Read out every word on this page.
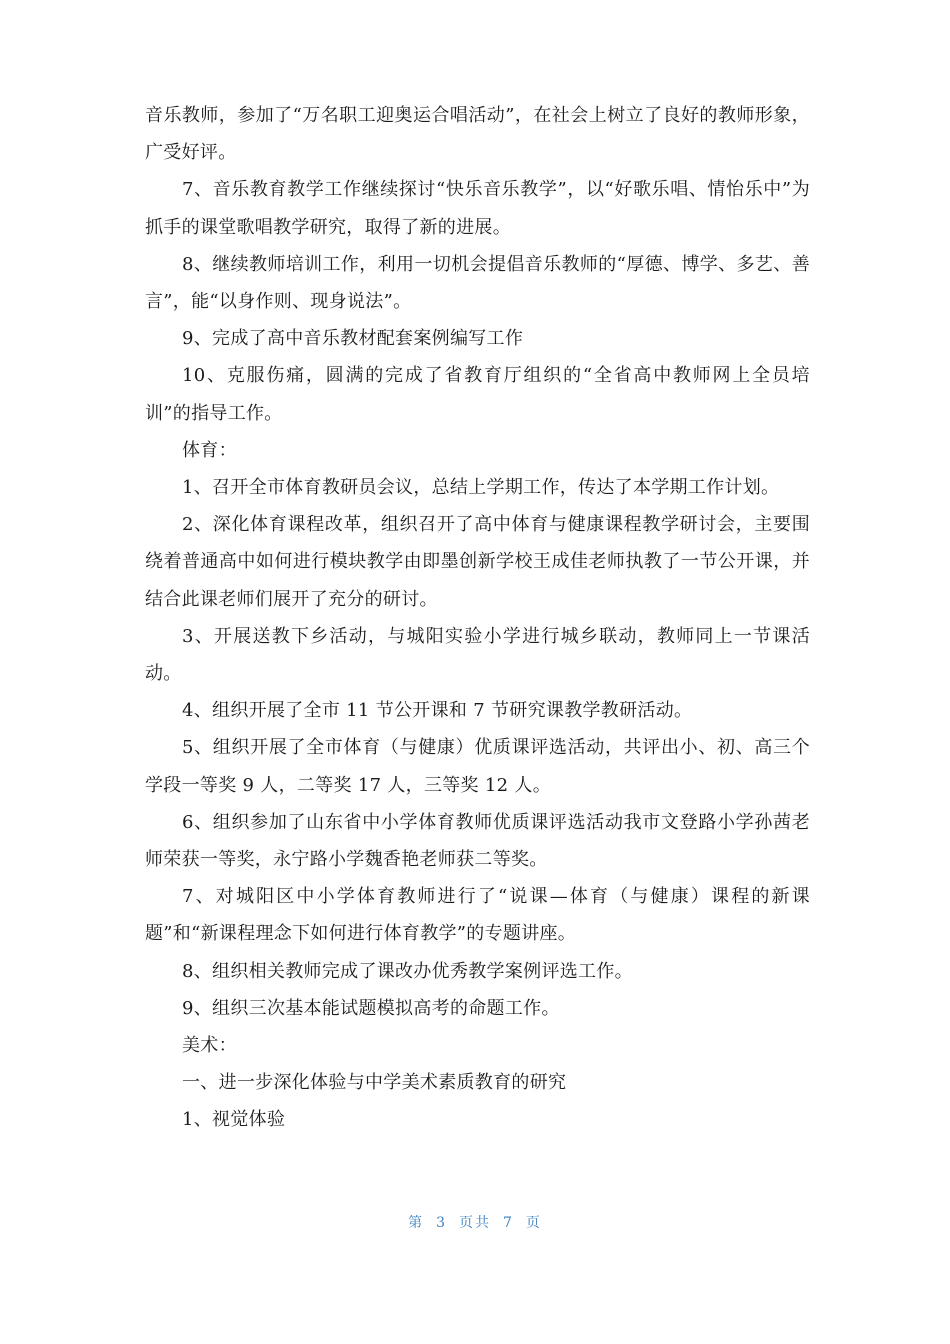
音乐教师，参加了“万名职工迎奥运合唱活动”，在社会上树立了良好的教师形象，广受好评。

7、音乐教育教学工作继续探讨“快乐音乐教学”，以“好歌乐唱、情怡乐中”为抓手的课堂歌唱教学研究，取得了新的进展。

8、继续教师培训工作，利用一切机会提倡音乐教师的“厚德、博学、多艺、善言”，能“以身作则、现身说法”。

9、完成了高中音乐教材配套案例编写工作

10、克服伤痛，圆满的完成了省教育厅组织的“全省高中教师网上全员培训”的指导工作。

体育：

1、召开全市体育教研员会议，总结上学期工作，传达了本学期工作计划。

2、深化体育课程改革，组织召开了高中体育与健康课程教学研讨会，主要围绕着普通高中如何进行模块教学由即墨创新学校王成佳老师执教了一节公开课，并结合此课老师们展开了充分的研讨。

3、开展送教下乡活动，与城阳实验小学进行城乡联动，教师同上一节课活动。

4、组织开展了全市 11 节公开课和 7 节研究课教学教研活动。

5、组织开展了全市体育（与健康）优质课评选活动，共评出小、初、高三个学段一等奖 9 人，二等奖 17 人，三等奖 12 人。

6、组织参加了山东省中小学体育教师优质课评选活动我市文登路小学孙茜老师荣获一等奖，永宁路小学魏香艳老师获二等奖。

7、对城阳区中小学体育教师进行了“说课—体育（与健康）课程的新课题”和“新课程理念下如何进行体育教学”的专题讲座。

8、组织相关教师完成了课改办优秀教学案例评选工作。

9、组织三次基本能试题模拟高考的命题工作。

美术：

一、进一步深化体验与中学美术素质教育的研究

1、视觉体验

第 3 页共 7 页
